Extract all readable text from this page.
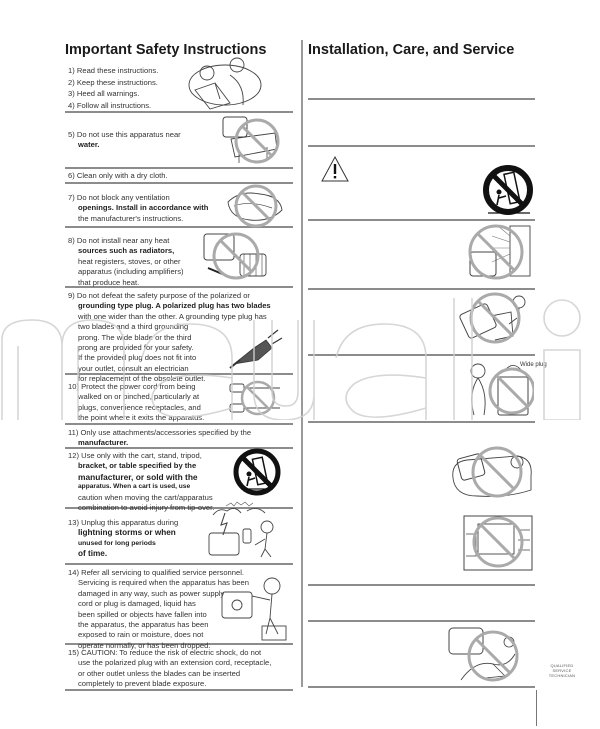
Important Safety Instructions	Installation, Care, and Service
1) Read these instructions.
2) Keep these instructions.
3) Heed all warnings.
4) Follow all instructions.
5) Do not use this apparatus near
water.
6) Clean only with a dry cloth.
7) Do not block any ventilation
openings. Install in accordance with
the manufacturer's instructions.
8) Do not install near any heat
sources such as radiators,
heat registers, stoves, or other
apparatus (including amplifiers)
that produce heat.
9) Do not defeat the safety purpose of the polarized or
grounding type plug. A polarized plug has two blades
with one wider than the other. A grounding type plug has
two blades and a third grounding
prong. The wide blade or the third
prong are provided for your safety.
If the provided plug does not fit into
your outlet, consult an electrician
for replacement of the obsolete outlet.
10) Protect the power cord from being
walked on or pinched, particularly at
plugs, convenience receptacles, and
the point where it exits the apparatus.
11) Only use attachments/accessories specified by the
manufacturer.
12) Use only with the cart, stand, tripod,
bracket, or table specified by the
manufacturer, or sold with the
apparatus. When a cart is used, use
caution when moving the cart/apparatus
combination to avoid injury from tip-over.
13) Unplug this apparatus during
lightning storms or when
unused for long periods
of time.
14) Refer all servicing to qualified service personnel.
Servicing is required when the apparatus has been
damaged in any way, such as power supply
cord or plug is damaged, liquid has
been spilled or objects have fallen into
the apparatus, the apparatus has been
exposed to rain or moisture, does not
operate normally, or has been dropped.
15) CAUTION: To reduce the risk of electric shock, do not
use the polarized plug with an extension cord, receptacle,
or other outlet unless the blades can be inserted
completely to prevent blade exposure.
Wide plug
QUALIFIED
SERVICE
TECHNICIAN
